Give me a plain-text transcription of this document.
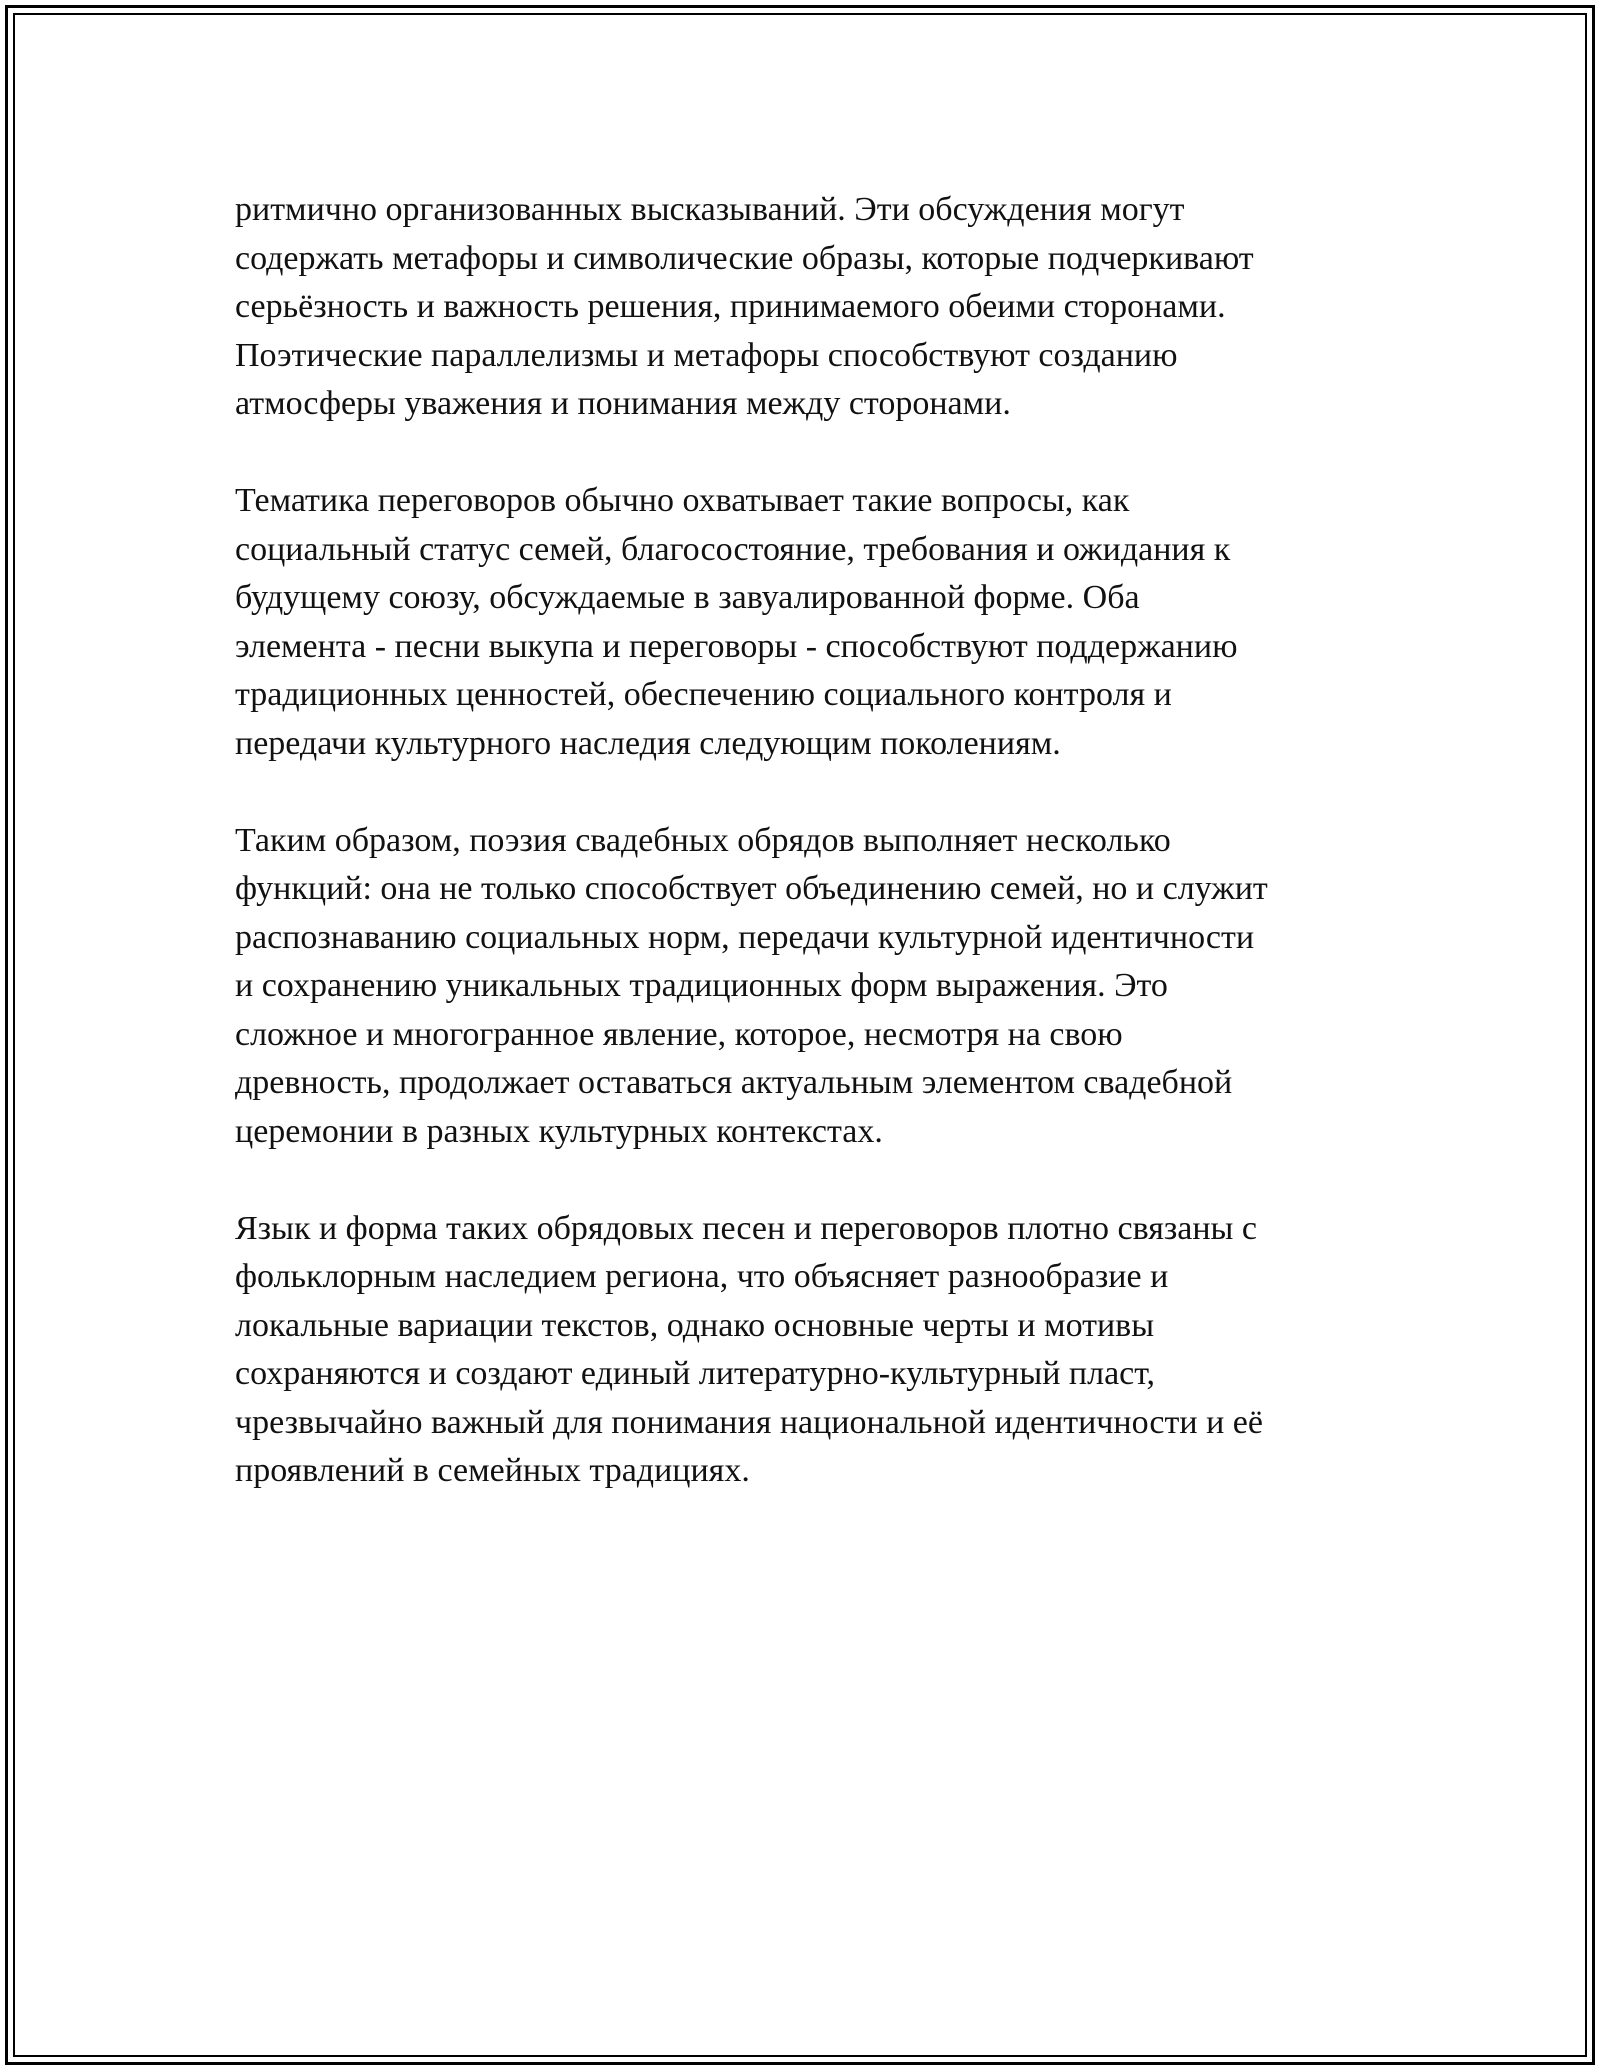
ритмично организованных высказываний. Эти обсуждения могут
содержать метафоры и символические образы, которые подчеркивают
серьёзность и важность решения, принимаемого обеими сторонами.
Поэтические параллелизмы и метафоры способствуют созданию
атмосферы уважения и понимания между сторонами.

Тематика переговоров обычно охватывает такие вопросы, как
социальный статус семей, благосостояние, требования и ожидания к
будущему союзу, обсуждаемые в завуалированной форме. Оба
элемента - песни выкупа и переговоры - способствуют поддержанию
традиционных ценностей, обеспечению социального контроля и
передачи культурного наследия следующим поколениям.

Таким образом, поэзия свадебных обрядов выполняет несколько
функций: она не только способствует объединению семей, но и служит
распознаванию социальных норм, передачи культурной идентичности
и сохранению уникальных традиционных форм выражения. Это
сложное и многогранное явление, которое, несмотря на свою
древность, продолжает оставаться актуальным элементом свадебной
церемонии в разных культурных контекстах.

Язык и форма таких обрядовых песен и переговоров плотно связаны с
фольклорным наследием региона, что объясняет разнообразие и
локальные вариации текстов, однако основные черты и мотивы
сохраняются и создают единый литературно-культурный пласт,
чрезвычайно важный для понимания национальной идентичности и её
проявлений в семейных традициях.
